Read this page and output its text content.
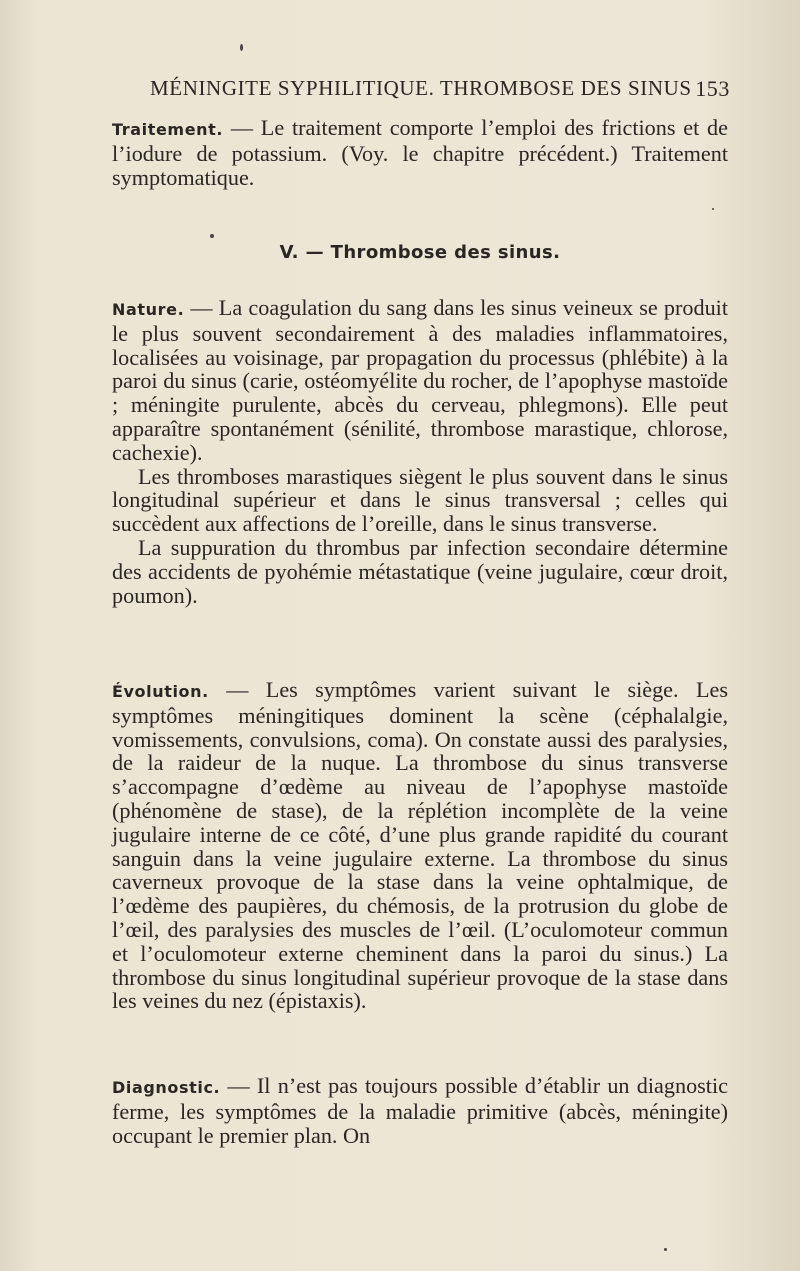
MÉNINGITE SYPHILITIQUE. THROMBOSE DES SINUS 153

Traitement. — Le traitement comporte l’emploi des frictions et de l’iodure de potassium. (Voy. le chapitre précédent.) Traitement symptomatique.

V. — Thrombose des sinus.

Nature. — La coagulation du sang dans les sinus veineux se produit le plus souvent secondairement à des maladies inflammatoires, localisées au voisinage, par propagation du processus (phlébite) à la paroi du sinus (carie, ostéomyélite du rocher, de l’apophyse mastoïde ; méningite purulente, abcès du cerveau, phlegmons). Elle peut apparaître spontanément (sénilité, thrombose marastique, chlorose, cachexie).

Les thromboses marastiques siègent le plus souvent dans le sinus longitudinal supérieur et dans le sinus transversal ; celles qui succèdent aux affections de l’oreille, dans le sinus transverse.

La suppuration du thrombus par infection secondaire détermine des accidents de pyohémie métastatique (veine jugulaire, cœur droit, poumon).

Évolution. — Les symptômes varient suivant le siège. Les symptômes méningitiques dominent la scène (céphalalgie, vomissements, convulsions, coma). On constate aussi des paralysies, de la raideur de la nuque. La thrombose du sinus transverse s’accompagne d’œdème au niveau de l’apophyse mastoïde (phénomène de stase), de la réplétion incomplète de la veine jugulaire interne de ce côté, d’une plus grande rapidité du courant sanguin dans la veine jugulaire externe. La thrombose du sinus caverneux provoque de la stase dans la veine ophtalmique, de l’œdème des paupières, du chémosis, de la protrusion du globe de l’œil, des paralysies des muscles de l’œil. (L’oculomoteur commun et l’oculomoteur externe cheminent dans la paroi du sinus.) La thrombose du sinus longitudinal supérieur provoque de la stase dans les veines du nez (épistaxis).

Diagnostic. — Il n’est pas toujours possible d’établir un diagnostic ferme, les symptômes de la maladie primitive (abcès, méningite) occupant le premier plan. On
